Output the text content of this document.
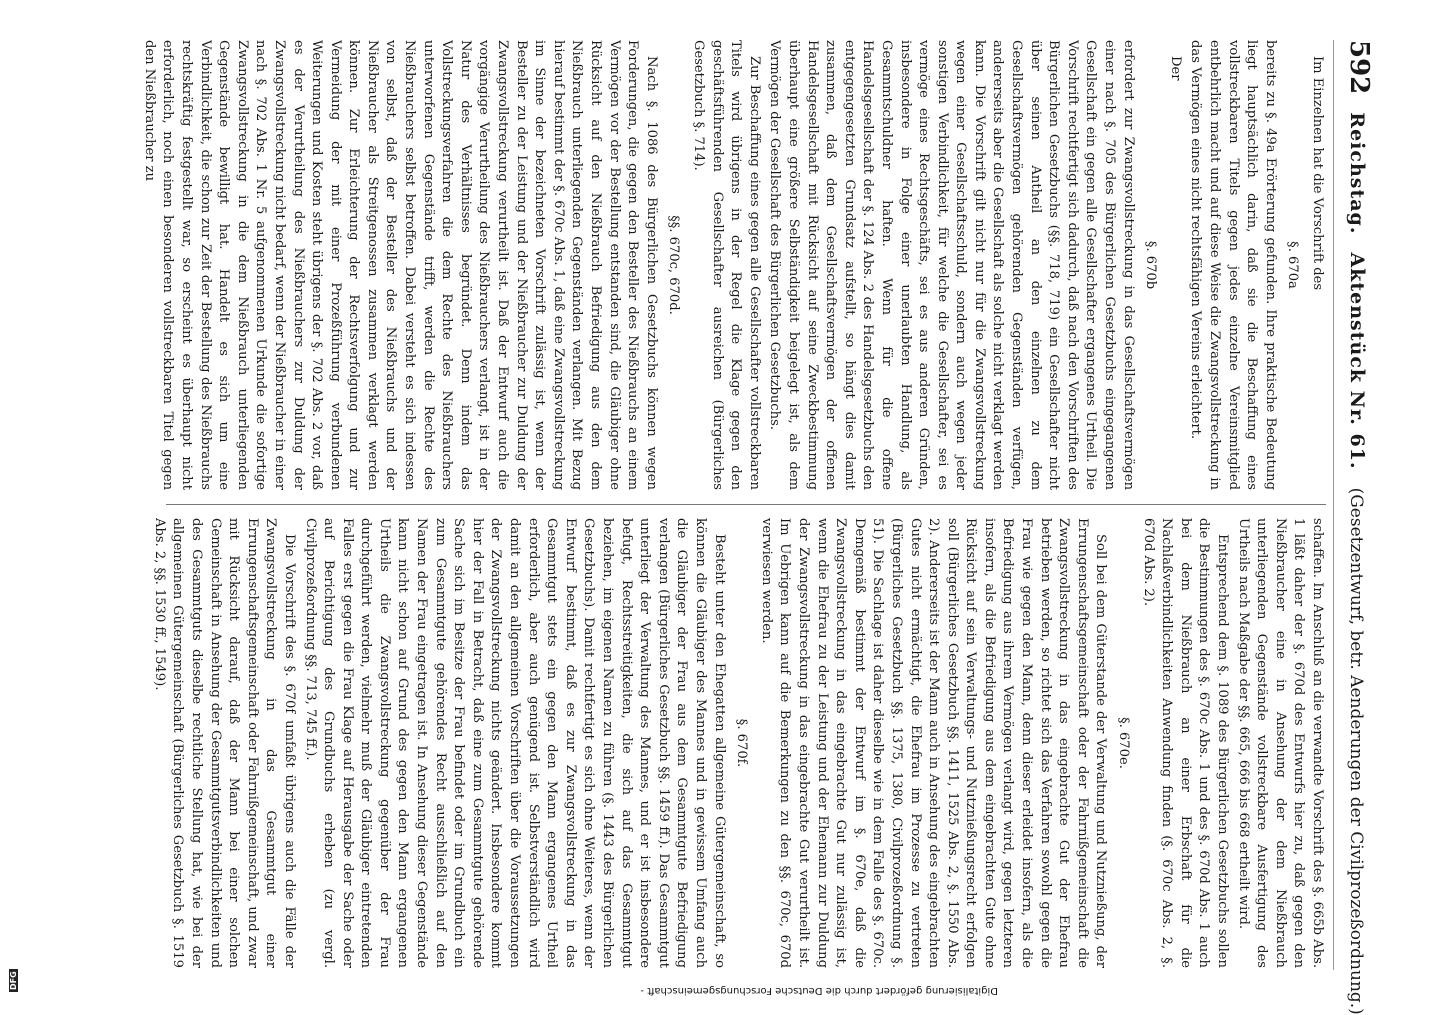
Digitalisierung gefördert durch die Deutsche Forschungsgemeinschaft -
DFG
592
Reichstag.
Aktenstück Nr. 61.
(Gesetzentwurf, betr. Aenderungen der Civilprozeßordnung.)

Im Einzelnen hat die Vorschrift des

§. 670a

bereits zu §. 49a Erörterung gefunden. Ihre praktische Bedeutung liegt hauptsächlich darin, daß sie die Beschaffung eines vollstreckbaren Titels gegen jedes einzelne Vereinsmitglied entbehrlich macht und auf diese Weise die Zwangsvollstreckung in das Vermögen eines nicht rechtsfähigen Vereins erleichtert.

Der

§. 670b

erfordert zur Zwangsvollstreckung in das Gesellschaftsvermögen einer nach §. 705 des Bürgerlichen Gesetzbuchs eingegangenen Gesellschaft ein gegen alle Gesellschafter ergangenes Urtheil. Die Vorschrift rechtfertigt sich dadurch, daß nach den Vorschriften des Bürgerlichen Gesetzbuchs (§§. 718, 719) ein Gesellschafter nicht über seinen Antheil an den einzelnen zu dem Gesellschaftsvermögen gehörenden Gegenständen verfügen, andererseits aber die Gesellschaft als solche nicht verklagt werden kann. Die Vorschrift gilt nicht nur für die Zwangsvollstreckung wegen einer Gesellschaftsschuld, sondern auch wegen jeder sonstigen Verbindlichkeit, für welche die Gesellschafter, sei es vermöge eines Rechtsgeschäfts, sei es aus anderen Gründen, insbesondere in Folge einer unerlaubten Handlung, als Gesammtschuldner haften. Wenn für die offene Handelsgesellschaft der §. 124 Abs. 2 des Handelsgesetzbuchs den entgegengesetzten Grundsatz aufstellt, so hängt dies damit zusammen, daß dem Gesellschaftsvermögen der offenen Handelsgesellschaft mit Rücksicht auf seine Zweckbestimmung überhaupt eine größere Selbständigkeit beigelegt ist, als dem Vermögen der Gesellschaft des Bürgerlichen Gesetzbuchs.

Zur Beschaffung eines gegen alle Gesellschafter vollstreckbaren Titels wird übrigens in der Regel die Klage gegen den geschäftsführenden Gesellschafter ausreichen (Bürgerliches Gesetzbuch §. 714).

§§. 670c, 670d.

Nach §. 1086 des Bürgerlichen Gesetzbuchs können wegen Forderungen, die gegen den Besteller des Nießbrauchs an einem Vermögen vor der Bestellung entstanden sind, die Gläubiger ohne Rücksicht auf den Nießbrauch Befriedigung aus den dem Nießbrauch unterliegenden Gegenständen verlangen. Mit Bezug hierauf bestimmt der §. 670c Abs. 1, daß eine Zwangsvollstreckung im Sinne der bezeichneten Vorschrift zulässig ist, wenn der Besteller zu der Leistung und der Nießbraucher zur Duldung der Zwangsvollstreckung verurtheilt ist. Daß der Entwurf auch die vorgängige Verurtheilung des Nießbrauchers verlangt, ist in der Natur des Verhältnisses begründet. Denn indem das Vollstreckungsverfahren die dem Rechte des Nießbrauchers unterworfenen Gegenstände trifft, werden die Rechte des Nießbrauchers selbst betroffen. Dabei versteht es sich indessen von selbst, daß der Besteller des Nießbrauchs und der Nießbraucher als Streitgenossen zusammen verklagt werden können. Zur Erleichterung der Rechtsverfolgung und zur Vermeidung der mit einer Prozeßführung verbundenen Weiterungen und Kosten steht übrigens der §. 702 Abs. 2 vor, daß es der Verurtheilung des Nießbrauchers zur Duldung der Zwangsvollstreckung nicht bedarf, wenn der Nießbraucher in einer nach §. 702 Abs. 1 Nr. 5 aufgenommenen Urkunde die sofortige Zwangsvollstreckung in die dem Nießbrauch unterliegenden Gegenstände bewilligt hat. Handelt es sich um eine Verbindlichkeit, die schon zur Zeit der Bestellung des Nießbrauchs rechtskräftig festgestellt war, so erscheint es überhaupt nicht erforderlich, noch einen besonderen vollstreckbaren Titel gegen den Nießbraucher zu

schaffen. Im Anschluß an die verwandte Vorschrift des §. 665b Abs. 1 läßt daher der §. 670d des Entwurfs hier zu, daß gegen den Nießbraucher eine in Ansehung der dem Nießbrauch unterliegenden Gegenstände vollstreckbare Ausfertigung des Urtheils nach Maßgabe der §§. 665, 666 bis 668 ertheilt wird.

Entsprechend dem §. 1089 des Bürgerlichen Gesetzbuchs sollen die Bestimmungen des §. 670c Abs. 1 und des §. 670d Abs. 1 auch bei dem Nießbrauch an einer Erbschaft für die Nachlaßverbindlichkeiten Anwendung finden (§. 670c Abs. 2, §. 670d Abs. 2).

§. 670e.

Soll bei dem Güterstande der Verwaltung und Nutznießung, der Errungenschaftsgemeinschaft oder der Fahrnißgemeinschaft die Zwangsvollstreckung in das eingebrachte Gut der Ehefrau betrieben werden, so richtet sich das Verfahren sowohl gegen die Frau wie gegen den Mann, denn dieser erleidet insofern, als die Befriedigung aus ihrem Vermögen verlangt wird, gegen letzteren insofern, als die Befriedigung aus dem eingebrachten Gute ohne Rücksicht auf sein Verwaltungs- und Nutznießungsrecht erfolgen soll (Bürgerliches Gesetzbuch §§. 1411, 1525 Abs. 2, §. 1550 Abs. 2). Andererseits ist der Mann auch in Ansehung des eingebrachten Gutes nicht ermächtigt, die Ehefrau im Prozesse zu vertreten (Bürgerliches Gesetzbuch §§. 1375, 1380, Civilprozeßordnung §. 51). Die Sachlage ist daher dieselbe wie in dem Falle des §. 670c. Demgemäß bestimmt der Entwurf im §. 670e, daß die Zwangsvollstreckung in das eingebrachte Gut nur zulässig ist, wenn die Ehefrau zu der Leistung und der Ehemann zur Duldung der Zwangsvollstreckung in das eingebrachte Gut verurtheilt ist. Im Uebrigen kann auf die Bemerkungen zu den §§. 670c, 670d verwiesen werden.

§. 670f.

Besteht unter den Ehegatten allgemeine Gütergemeinschaft, so können die Gläubiger des Mannes und in gewissem Umfang auch die Gläubiger der Frau aus dem Gesammtgute Befriedigung verlangen (Bürgerliches Gesetzbuch §§. 1459 ff.). Das Gesammtgut unterliegt der Verwaltung des Mannes, und er ist insbesondere befugt, Rechtsstreitigkeiten, die sich auf das Gesammtgut beziehen, im eigenen Namen zu führen (§. 1443 des Bürgerlichen Gesetzbuchs). Damit rechtfertigt es sich ohne Weiteres, wenn der Entwurf bestimmt, daß es zur Zwangsvollstreckung in das Gesammtgut stets ein gegen den Mann ergangenes Urtheil erforderlich, aber auch genügend ist. Selbstverständlich wird damit an den allgemeinen Vorschriften über die Voraussetzungen der Zwangsvollstreckung nichts geändert. Insbesondere kommt hier der Fall in Betracht, daß eine zum Gesammtgute gehörende Sache sich im Besitze der Frau befindet oder im Grundbuch ein zum Gesammtgute gehörendes Recht ausschließlich auf den Namen der Frau eingetragen ist. In Ansehung dieser Gegenstände kann nicht schon auf Grund des gegen den Mann ergangenen Urtheils die Zwangsvollstreckung gegenüber der Frau durchgeführt werden, vielmehr muß der Gläubiger eintretenden Falles erst gegen die Frau Klage auf Herausgabe der Sache oder auf Berichtigung des Grundbuchs erheben (zu vergl. Civilprozeßordnung §§. 713, 745 ff.).

Die Vorschrift des §. 670f umfaßt übrigens auch die Fälle der Zwangsvollstreckung in das Gesammtgut einer Errungenschaftsgemeinschaft oder Fahrnißgemeinschaft, und zwar mit Rücksicht darauf, daß der Mann bei einer solchen Gemeinschaft in Ansehung der Gesammtgutsverbindlichkeiten und des Gesammtguts dieselbe rechtliche Stellung hat, wie bei der allgemeinen Gütergemeinschaft (Bürgerliches Gesetzbuch §. 1519 Abs. 2, §§. 1530 ff., 1549).
